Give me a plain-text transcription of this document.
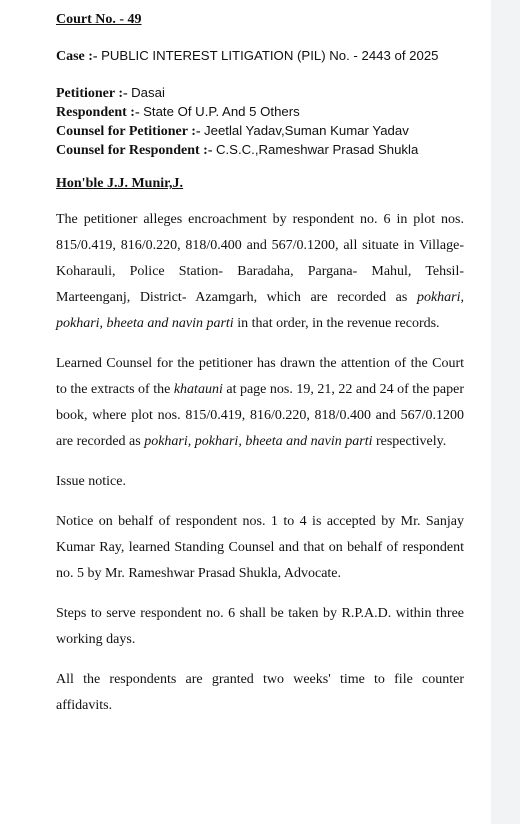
Court No. - 49
Case :- PUBLIC INTEREST LITIGATION (PIL) No. - 2443 of 2025
Petitioner :- Dasai
Respondent :- State Of U.P. And 5 Others
Counsel for Petitioner :- Jeetlal Yadav,Suman Kumar Yadav
Counsel for Respondent :- C.S.C.,Rameshwar Prasad Shukla
Hon'ble J.J. Munir,J.

The petitioner alleges encroachment by respondent no. 6 in plot nos. 815/0.419, 816/0.220, 818/0.400 and 567/0.1200, all situate in Village- Koharauli, Police Station- Baradaha, Pargana- Mahul, Tehsil- Marteenganj, District- Azamgarh, which are recorded as pokhari, pokhari, bheeta and navin parti in that order, in the revenue records.

Learned Counsel for the petitioner has drawn the attention of the Court to the extracts of the khatauni at page nos. 19, 21, 22 and 24 of the paper book, where plot nos. 815/0.419, 816/0.220, 818/0.400 and 567/0.1200 are recorded as pokhari, pokhari, bheeta and navin parti respectively.

Issue notice.

Notice on behalf of respondent nos. 1 to 4 is accepted by Mr. Sanjay Kumar Ray, learned Standing Counsel and that on behalf of respondent no. 5 by Mr. Rameshwar Prasad Shukla, Advocate.

Steps to serve respondent no. 6 shall be taken by R.P.A.D. within three working days.

All the respondents are granted two weeks' time to file counter affidavits.
